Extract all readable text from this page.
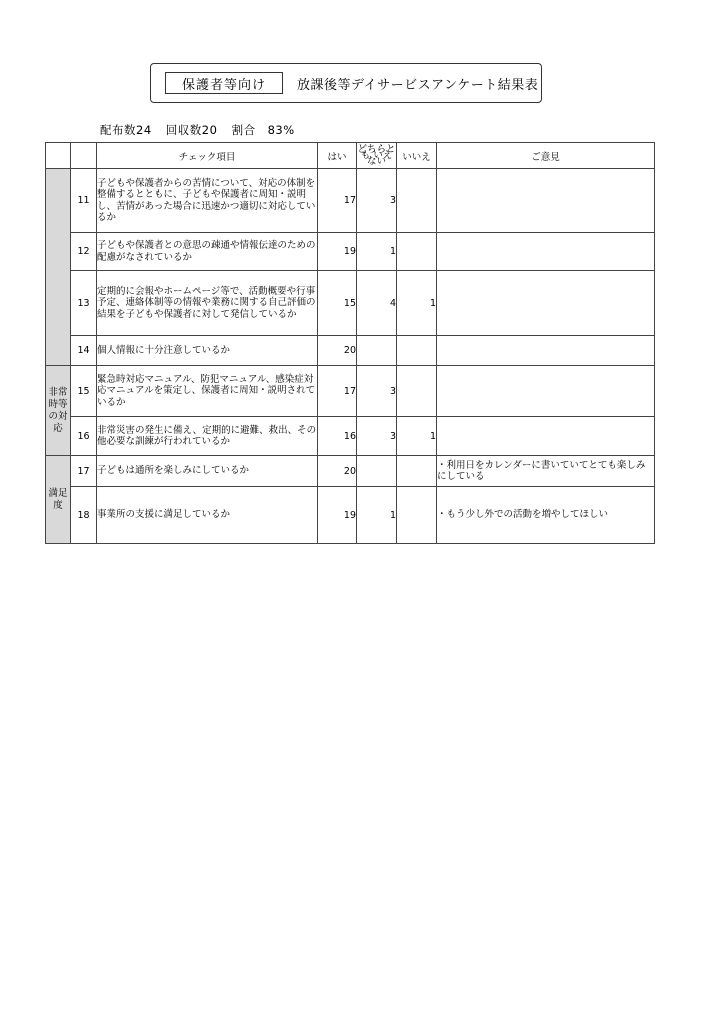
保護者等向け	放課後等デイサービスアンケート結果表
配布数24 回収数20 割合　83%
		チェック項目	はい	どちらとも いえない	いいえ	ご意見
	11	子どもや保護者からの苦情について、対応の体制を整備するとともに、子どもや保護者に周知・説明し、苦情があった場合に迅速かつ適切に対応しているか	17	3		
	12	子どもや保護者との意思の疎通や情報伝達のための配慮がなされているか	19	1		
	13	定期的に会報やホームページ等で、活動概要や行事予定、連絡体制等の情報や業務に関する自己評価の結果を子どもや保護者に対して発信しているか	15	4	1	
	14	個人情報に十分注意しているか	20			
非常時等の対応	15	緊急時対応マニュアル、防犯マニュアル、感染症対応マニュアルを策定し、保護者に周知・説明されているか	17	3		
	16	非常災害の発生に備え、定期的に避難、救出、その他必要な訓練が行われているか	16	3	1	
満足度	17	子どもは通所を楽しみにしているか	20			・利用日をカレンダーに書いていてとても楽しみにしている
	18	事業所の支援に満足しているか	19	1		・もう少し外での活動を増やしてほしい
